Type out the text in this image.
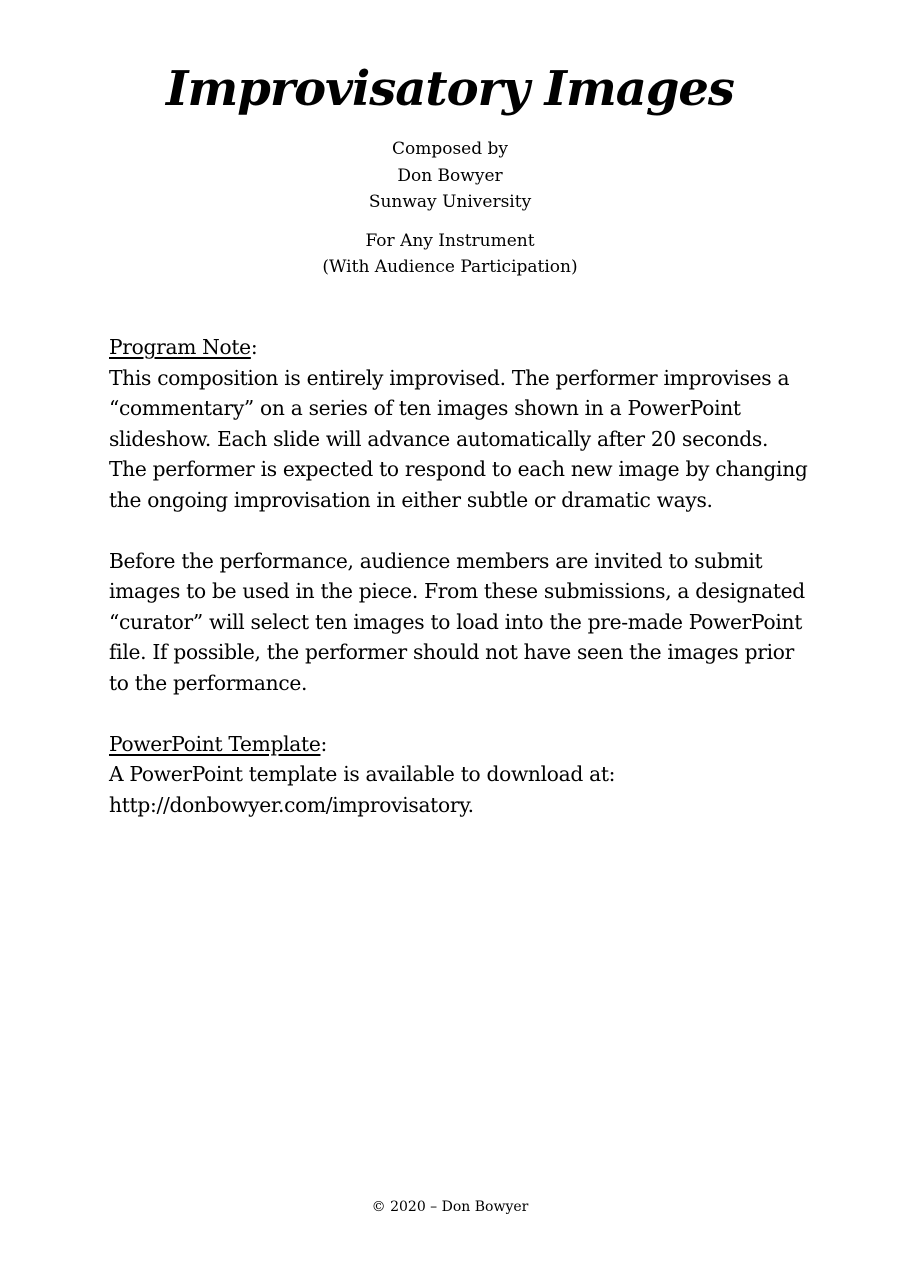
Improvisatory Images
Composed by
Don Bowyer
Sunway University
For Any Instrument
(With Audience Participation)

Program Note:

This composition is entirely improvised. The performer improvises a “commentary” on a series of ten images shown in a PowerPoint slideshow. Each slide will advance automatically after 20 seconds. The performer is expected to respond to each new image by changing the ongoing improvisation in either subtle or dramatic ways.

Before the performance, audience members are invited to submit images to be used in the piece. From these submissions, a designated “curator” will select ten images to load into the pre-made PowerPoint file. If possible, the performer should not have seen the images prior to the performance.

PowerPoint Template:

A PowerPoint template is available to download at:

http://donbowyer.com/improvisatory.

© 2020 – Don Bowyer
